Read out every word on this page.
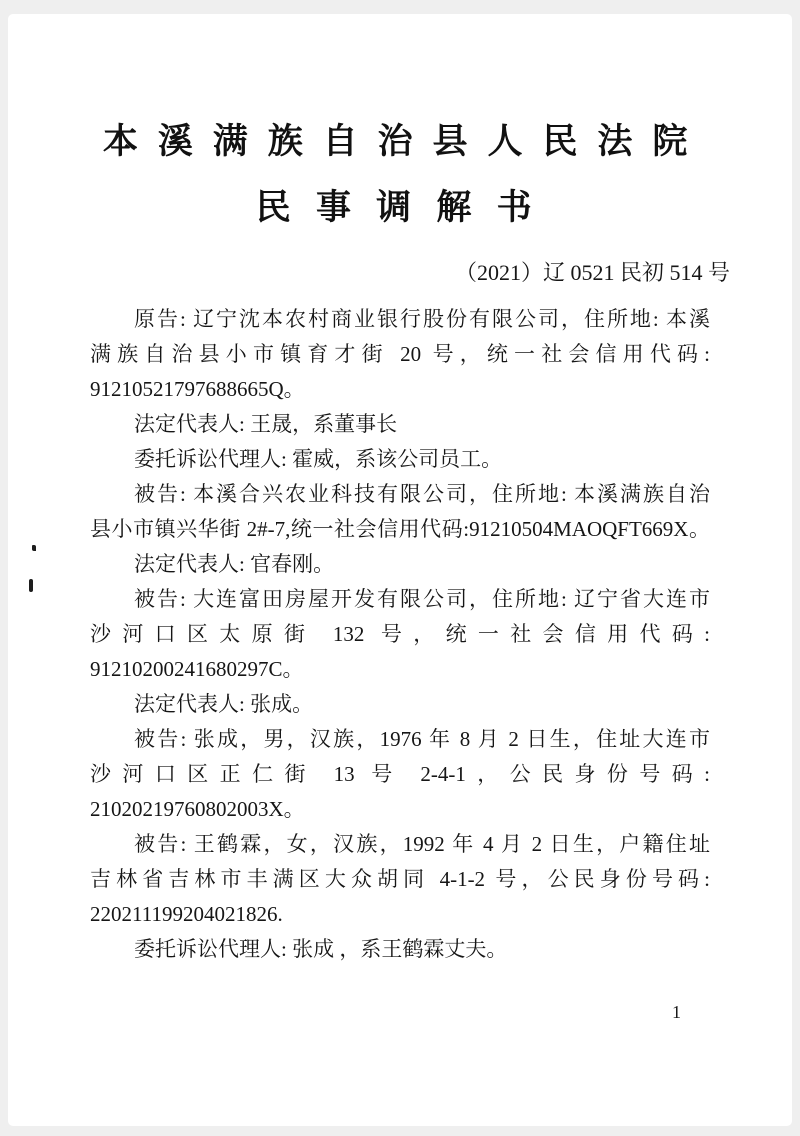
本溪满族自治县人民法院
民事调解书
（2021）辽 0521 民初 514 号
原告: 辽宁沈本农村商业银行股份有限公司，住所地: 本溪
满族自治县小市镇育才街 20 号，统一社会信用代码:
91210521797688665Q。
法定代表人: 王晟，系董事长
委托诉讼代理人: 霍威，系该公司员工。
被告: 本溪合兴农业科技有限公司，住所地: 本溪满族自治
县小市镇兴华街 2#-7,统一社会信用代码:91210504MAOQFT669X。
法定代表人: 官春刚。
被告: 大连富田房屋开发有限公司，住所地: 辽宁省大连市
沙河口区太原街 132 号，统一社会信用代码:
91210200241680297C。
法定代表人: 张成。
被告: 张成，男，汉族，1976 年 8 月 2 日生，住址大连市
沙河口区正仁街 13 号 2-4-1，公民身份号码:
21020219760802003X。
被告: 王鹤霖，女，汉族，1992 年 4 月 2 日生，户籍住址
吉林省吉林市丰满区大众胡同 4-1-2 号，公民身份号码:
220211199204021826.
委托诉讼代理人: 张成 ，系王鹤霖丈夫。
1
